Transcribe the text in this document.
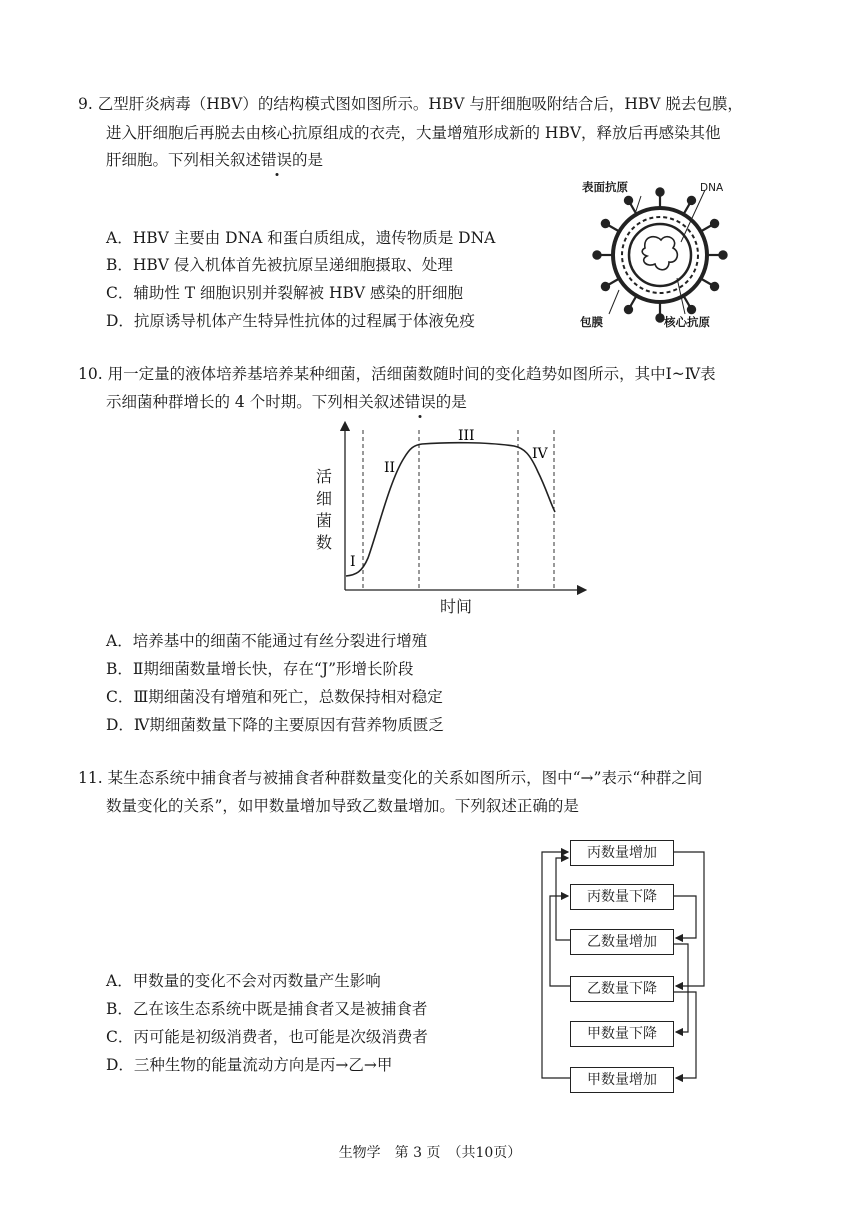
9. 乙型肝炎病毒（HBV）的结构模式图如图所示。HBV 与肝细胞吸附结合后，HBV 脱去包膜，
进入肝细胞后再脱去由核心抗原组成的衣壳，大量增殖形成新的 HBV，释放后再感染其他
肝细胞。下列相关叙述错误的是
A．HBV 主要由 DNA 和蛋白质组成，遗传物质是 DNA
B．HBV 侵入机体首先被抗原呈递细胞摄取、处理
C．辅助性 T 细胞识别并裂解被 HBV 感染的肝细胞
D．抗原诱导机体产生特异性抗体的过程属于体液免疫
表面抗原	DNA
包膜	核心抗原
10. 用一定量的液体培养基培养某种细菌，活细菌数随时间的变化趋势如图所示，其中Ⅰ~Ⅳ表
示细菌种群增长的 4 个时期。下列相关叙述错误的是
I
II
III
IV
活
细
菌
数
时间
A．培养基中的细菌不能通过有丝分裂进行增殖
B．Ⅱ期细菌数量增长快，存在“J”形增长阶段
C．Ⅲ期细菌没有增殖和死亡，总数保持相对稳定
D．Ⅳ期细菌数量下降的主要原因有营养物质匮乏
11. 某生态系统中捕食者与被捕食者种群数量变化的关系如图所示，图中“→”表示“种群之间
数量变化的关系”，如甲数量增加导致乙数量增加。下列叙述正确的是
丙数量增加
丙数量下降
乙数量增加
乙数量下降
甲数量下降
甲数量增加
A．甲数量的变化不会对丙数量产生影响
B．乙在该生态系统中既是捕食者又是被捕食者
C．丙可能是初级消费者，也可能是次级消费者
D．三种生物的能量流动方向是丙→乙→甲
生物学　第 3 页　（共10页）
